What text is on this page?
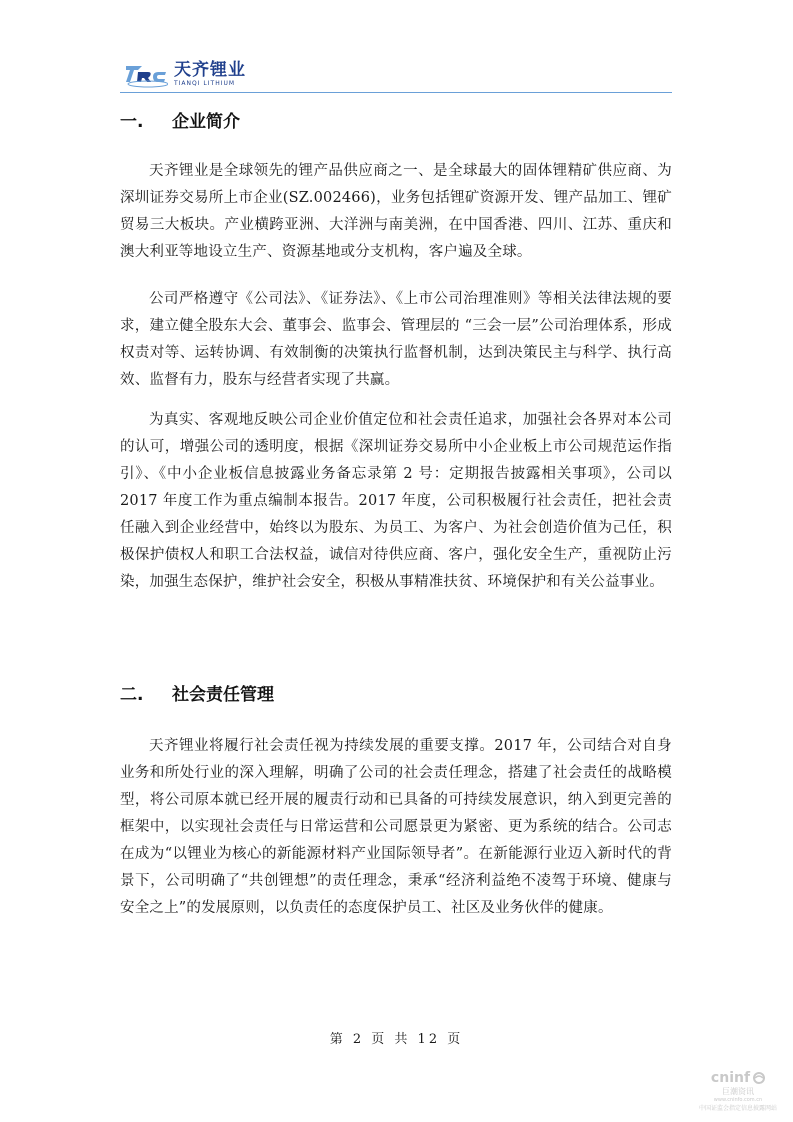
天齐锂业
TIANQI LITHIUM
一. 企业简介

天齐锂业是全球领先的锂产品供应商之一、是全球最大的固体锂精矿供应商、为深圳证券交易所上市企业(SZ.002466)，业务包括锂矿资源开发、锂产品加工、锂矿贸易三大板块。产业横跨亚洲、大洋洲与南美洲，在中国香港、四川、江苏、重庆和澳大利亚等地设立生产、资源基地或分支机构，客户遍及全球。

公司严格遵守《公司法》、《证券法》、《上市公司治理准则》等相关法律法规的要求，建立健全股东大会、董事会、监事会、管理层的 “三会一层”公司治理体系，形成权责对等、运转协调、有效制衡的决策执行监督机制，达到决策民主与科学、执行高效、监督有力，股东与经营者实现了共赢。

为真实、客观地反映公司企业价值定位和社会责任追求，加强社会各界对本公司的认可，增强公司的透明度，根据《深圳证券交易所中小企业板上市公司规范运作指引》、《中小企业板信息披露业务备忘录第 2 号：定期报告披露相关事项》，公司以 2017 年度工作为重点编制本报告。2017 年度，公司积极履行社会责任，把社会责任融入到企业经营中，始终以为股东、为员工、为客户、为社会创造价值为己任，积极保护债权人和职工合法权益，诚信对待供应商、客户，强化安全生产，重视防止污染，加强生态保护，维护社会安全，积极从事精准扶贫、环境保护和有关公益事业。

二. 社会责任管理

天齐锂业将履行社会责任视为持续发展的重要支撑。2017 年，公司结合对自身业务和所处行业的深入理解，明确了公司的社会责任理念，搭建了社会责任的战略模型，将公司原本就已经开展的履责行动和已具备的可持续发展意识，纳入到更完善的框架中，以实现社会责任与日常运营和公司愿景更为紧密、更为系统的结合。公司志在成为“以锂业为核心的新能源材料产业国际领导者”。在新能源行业迈入新时代的背景下，公司明确了“共创锂想”的责任理念，秉承“经济利益绝不凌驾于环境、健康与安全之上”的发展原则，以负责任的态度保护员工、社区及业务伙伴的健康。

第 2 页 共 12 页
cninf
巨潮资讯
www.cninfo.com.cn
中国证监会指定信息披露网站
